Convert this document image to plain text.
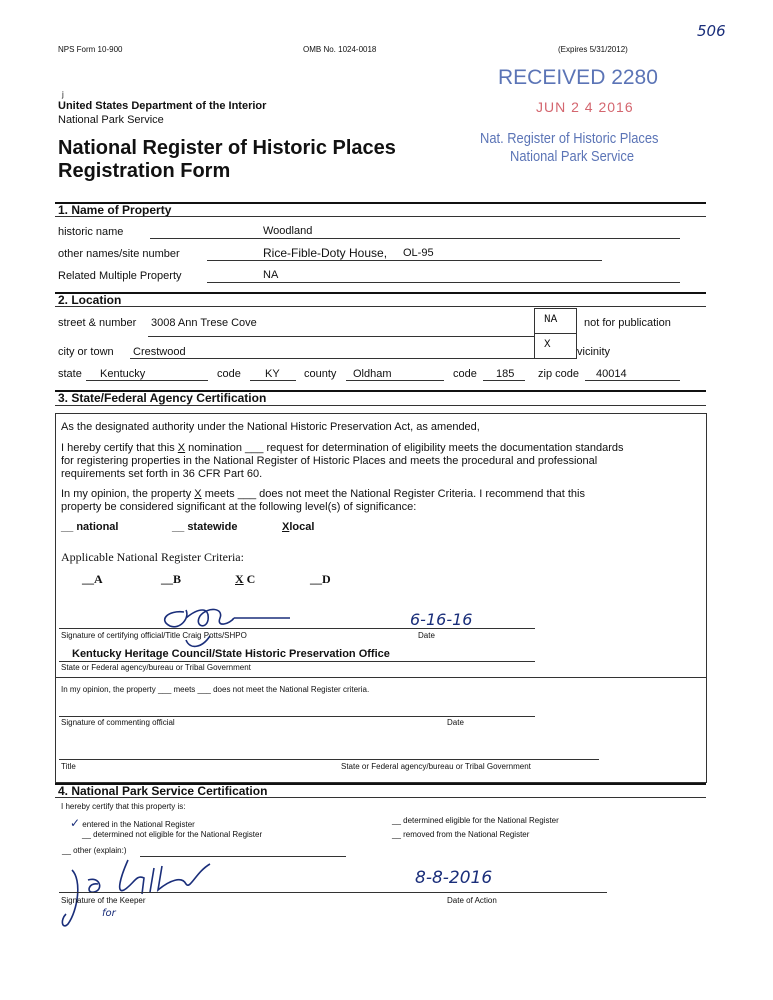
NPS Form 10-900	OMB No. 1024-0018	(Expires 5/31/2012)
506
j
RECEIVED 2280
JUN 2 4 2016
Nat. Register of Historic Places
National Park Service
United States Department of the Interior
National Park Service
National Register of Historic Places
Registration Form
1. Name of Property
historic name	Woodland
other names/site number	Rice-Fible-Doty House, OL-95
Related Multiple Property	NA
2. Location
street & number 3008 Ann Trese Cove	NA not for publication
X
vicinity
city or town Crestwood
state Kentucky	code KY county Oldham	code 185 zip code 40014
3. State/Federal Agency Certification
As the designated authority under the National Historic Preservation Act, as amended,
I hereby certify that this X nomination ___ request for determination of eligibility meets the documentation standards
for registering properties in the National Register of Historic Places and meets the procedural and professional
requirements set forth in 36 CFR Part 60.
In my opinion, the property X meets ___ does not meet the National Register Criteria. I recommend that this
property be considered significant at the following level(s) of significance:
__ national	__ statewide	Xlocal
Applicable National Register Criteria:
__A	__B	X C	__D
Signature of certifying official/Title Craig Potts/SHPO
6-16-16
Date
Kentucky Heritage Council/State Historic Preservation Office
State or Federal agency/bureau or Tribal Government
In my opinion, the property ___ meets ___ does not meet the National Register criteria.
Signature of commenting official	Date
Title	State or Federal agency/bureau or Tribal Government
4. National Park Service Certification
I hereby certify that this property is:
✓ entered in the National Register
__ determined not eligible for the National Register
__ other (explain:)
__ determined eligible for the National Register
__ removed from the National Register
Signature of the Keeper
8-8-2016
Date of Action
for
